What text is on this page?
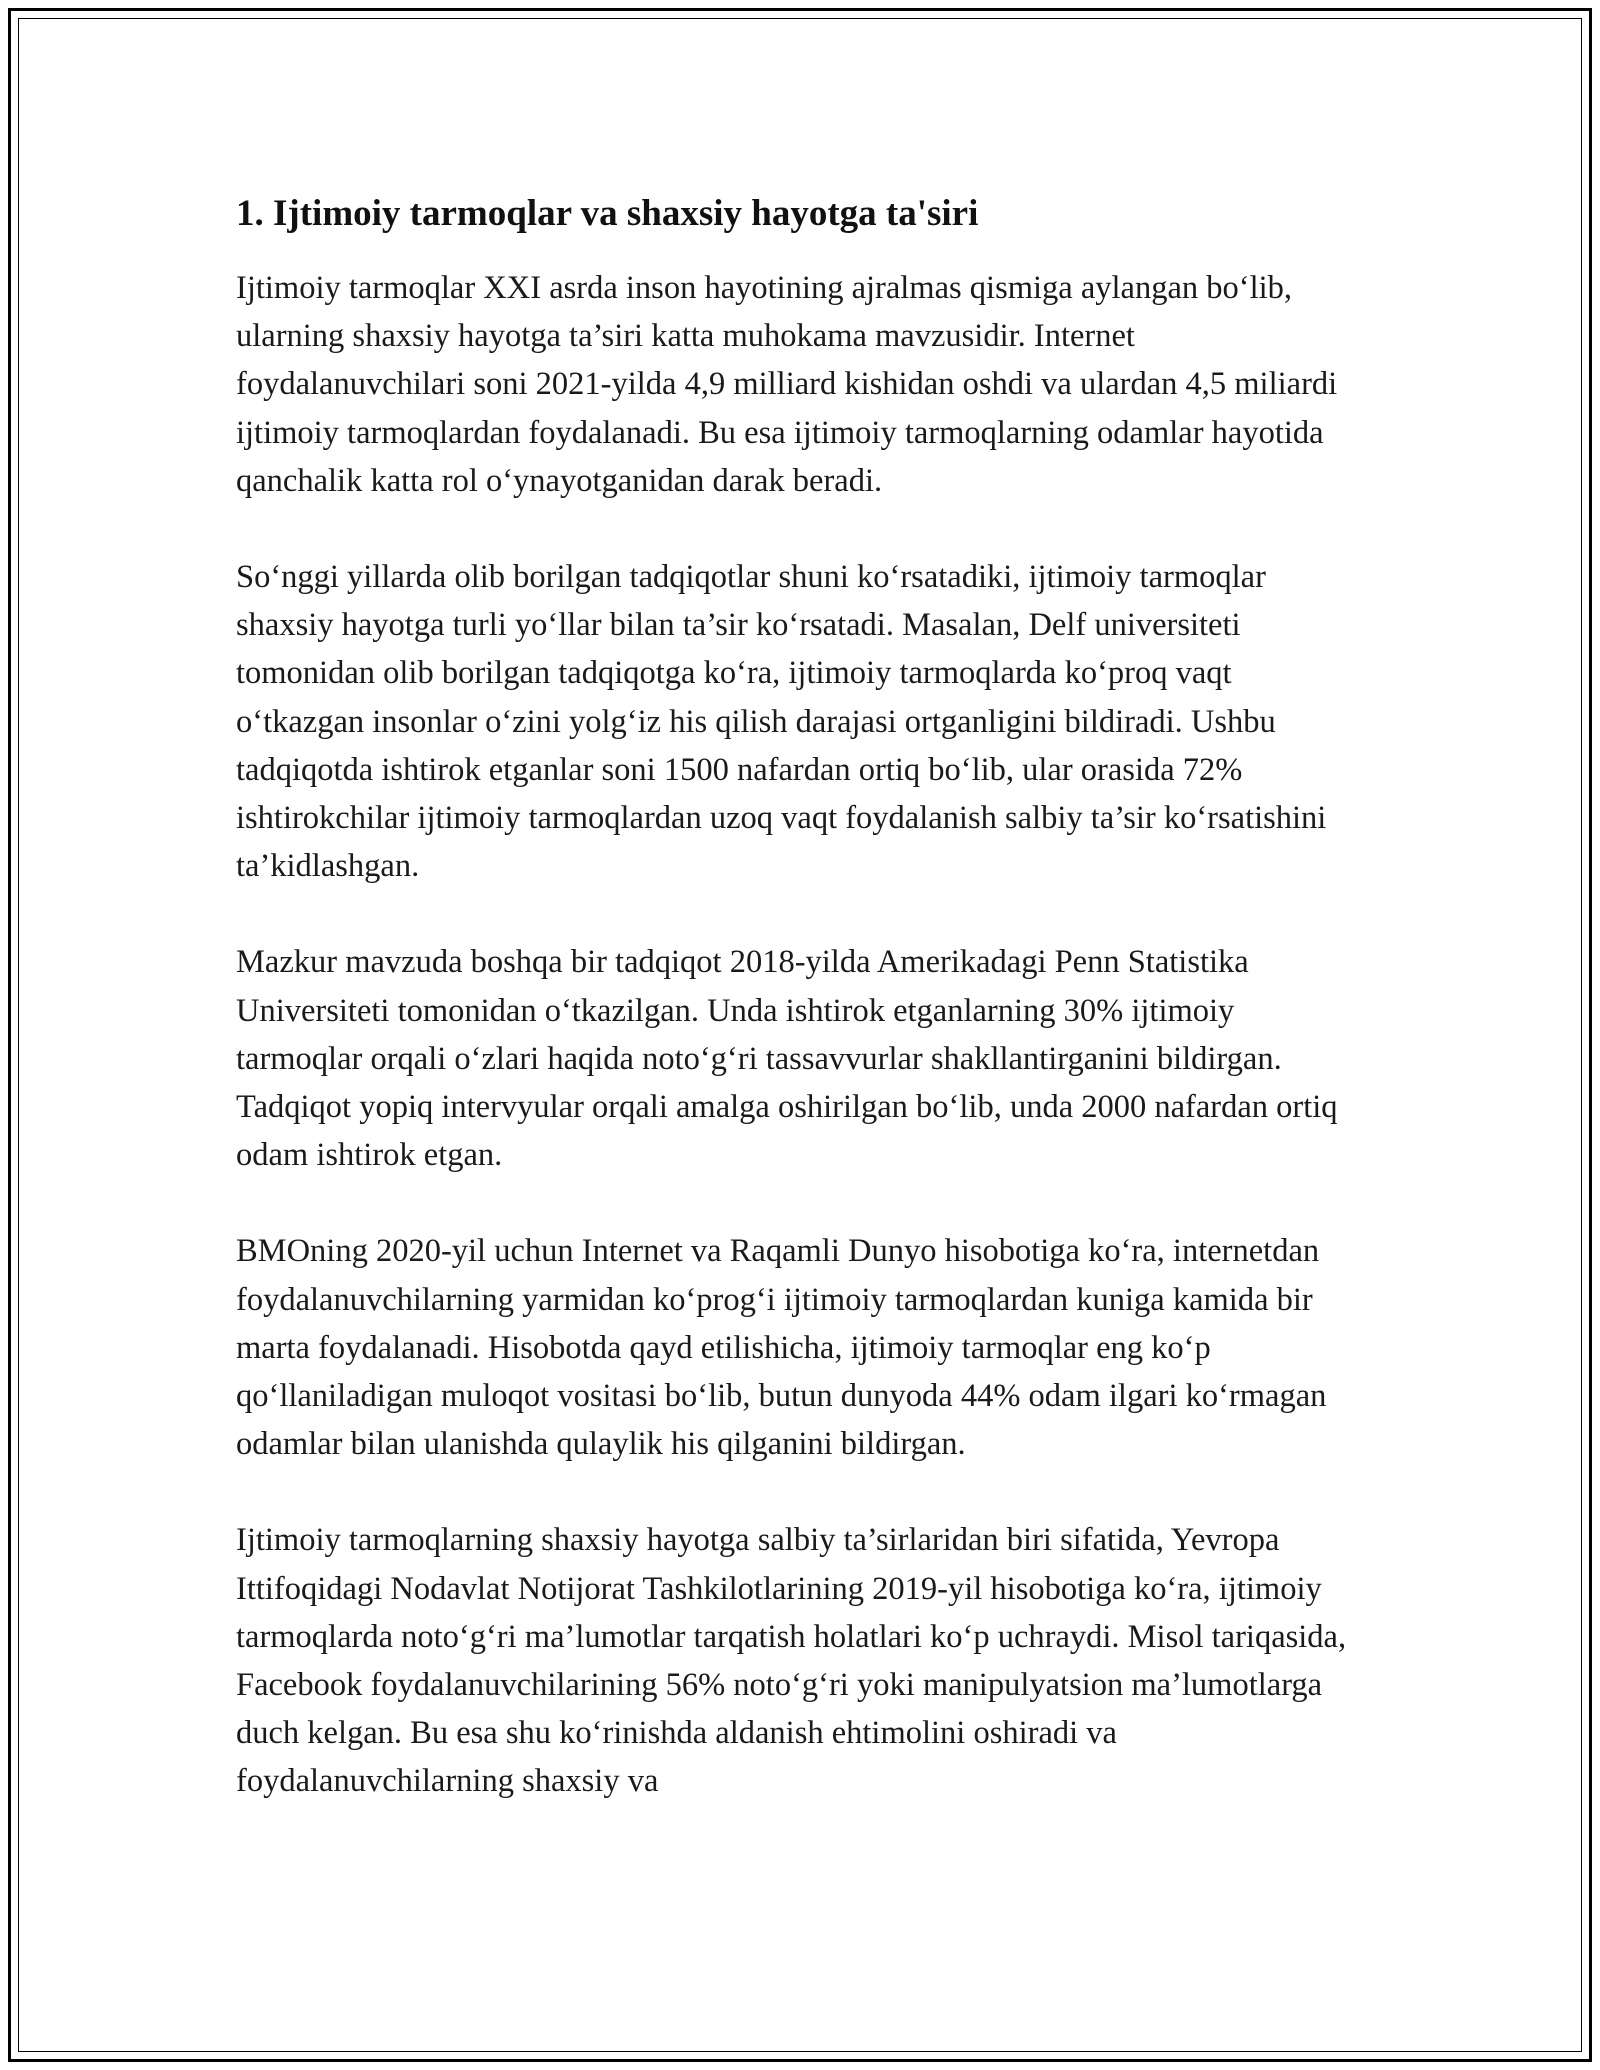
1. Ijtimoiy tarmoqlar va shaxsiy hayotga ta'siri

Ijtimoiy tarmoqlar XXI asrda inson hayotining ajralmas qismiga aylangan bo‘lib, ularning shaxsiy hayotga ta’siri katta muhokama mavzusidir. Internet foydalanuvchilari soni 2021-yilda 4,9 milliard kishidan oshdi va ulardan 4,5 miliardi ijtimoiy tarmoqlardan foydalanadi. Bu esa ijtimoiy tarmoqlarning odamlar hayotida qanchalik katta rol o‘ynayotganidan darak beradi.

So‘nggi yillarda olib borilgan tadqiqotlar shuni ko‘rsatadiki, ijtimoiy tarmoqlar shaxsiy hayotga turli yo‘llar bilan ta’sir ko‘rsatadi. Masalan, Delf universiteti tomonidan olib borilgan tadqiqotga ko‘ra, ijtimoiy tarmoqlarda ko‘proq vaqt o‘tkazgan insonlar o‘zini yolg‘iz his qilish darajasi ortganligini bildiradi. Ushbu tadqiqotda ishtirok etganlar soni 1500 nafardan ortiq bo‘lib, ular orasida 72% ishtirokchilar ijtimoiy tarmoqlardan uzoq vaqt foydalanish salbiy ta’sir ko‘rsatishini ta’kidlashgan.

Mazkur mavzuda boshqa bir tadqiqot 2018-yilda Amerikadagi Penn Statistika Universiteti tomonidan o‘tkazilgan. Unda ishtirok etganlarning 30% ijtimoiy tarmoqlar orqali o‘zlari haqida noto‘g‘ri tassavvurlar shakllantirganini bildirgan. Tadqiqot yopiq intervyular orqali amalga oshirilgan bo‘lib, unda 2000 nafardan ortiq odam ishtirok etgan.

BMOning 2020-yil uchun Internet va Raqamli Dunyo hisobotiga ko‘ra, internetdan foydalanuvchilarning yarmidan ko‘prog‘i ijtimoiy tarmoqlardan kuniga kamida bir marta foydalanadi. Hisobotda qayd etilishicha, ijtimoiy tarmoqlar eng ko‘p qo‘llaniladigan muloqot vositasi bo‘lib, butun dunyoda 44% odam ilgari ko‘rmagan odamlar bilan ulanishda qulaylik his qilganini bildirgan.

Ijtimoiy tarmoqlarning shaxsiy hayotga salbiy ta’sirlaridan biri sifatida, Yevropa Ittifoqidagi Nodavlat Notijorat Tashkilotlarining 2019-yil hisobotiga ko‘ra, ijtimoiy tarmoqlarda noto‘g‘ri ma’lumotlar tarqatish holatlari ko‘p uchraydi. Misol tariqasida, Facebook foydalanuvchilarining 56% noto‘g‘ri yoki manipulyatsion ma’lumotlarga duch kelgan. Bu esa shu ko‘rinishda aldanish ehtimolini oshiradi va foydalanuvchilarning shaxsiy va
